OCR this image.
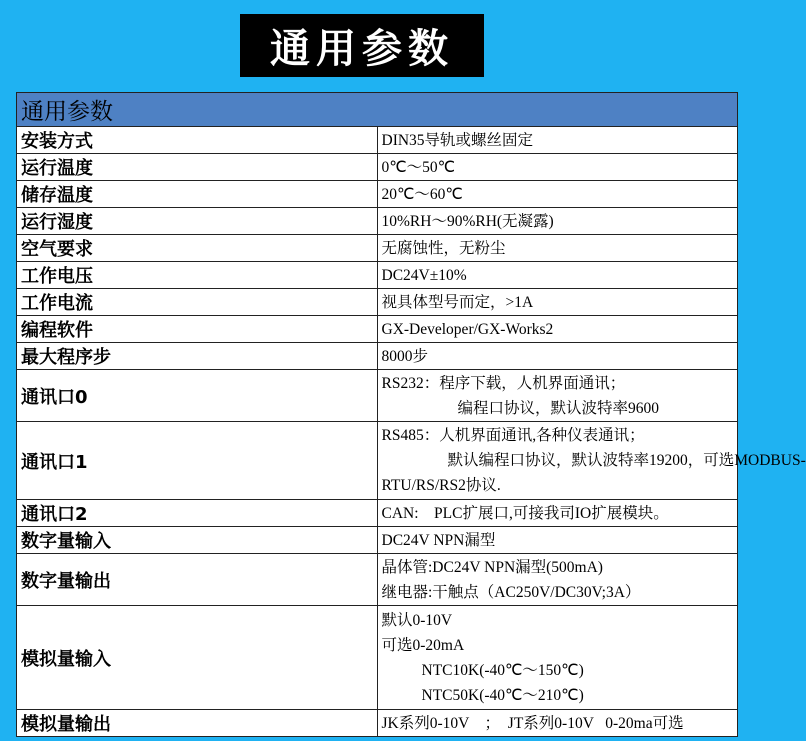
通用参数
通用参数	
安装方式	DIN35导轨或螺丝固定

运行温度	0℃～50℃

储存温度	20℃～60℃

运行湿度	10%RH～90%RH(无凝露)

空气要求	无腐蚀性，无粉尘

工作电压	DC24V±10%

工作电流	视具体型号而定，>1A

编程软件	GX-Developer/GX-Works2

最大程序步	8000步

通讯口0	RS232：程序下载，人机界面通讯；
编程口协议，默认波特率9600

通讯口1	RS485：人机界面通讯,各种仪表通讯；
默认编程口协议，默认波特率19200，可选MODBUS-
RTU/RS/RS2协议.

通讯口2	CAN:    PLC扩展口,可接我司IO扩展模块。

数字量输入	DC24V NPN漏型

数字量输出	晶体管:DC24V NPN漏型(500mA)
继电器:干触点（AC250V/DC30V;3A）

模拟量输入	默认0-10V
可选0-20mA
NTC10K(-40℃～150℃)
NTC50K(-40℃～210℃)

模拟量输出	JK系列0-10V    ；  JT系列0-10V   0-20ma可选
